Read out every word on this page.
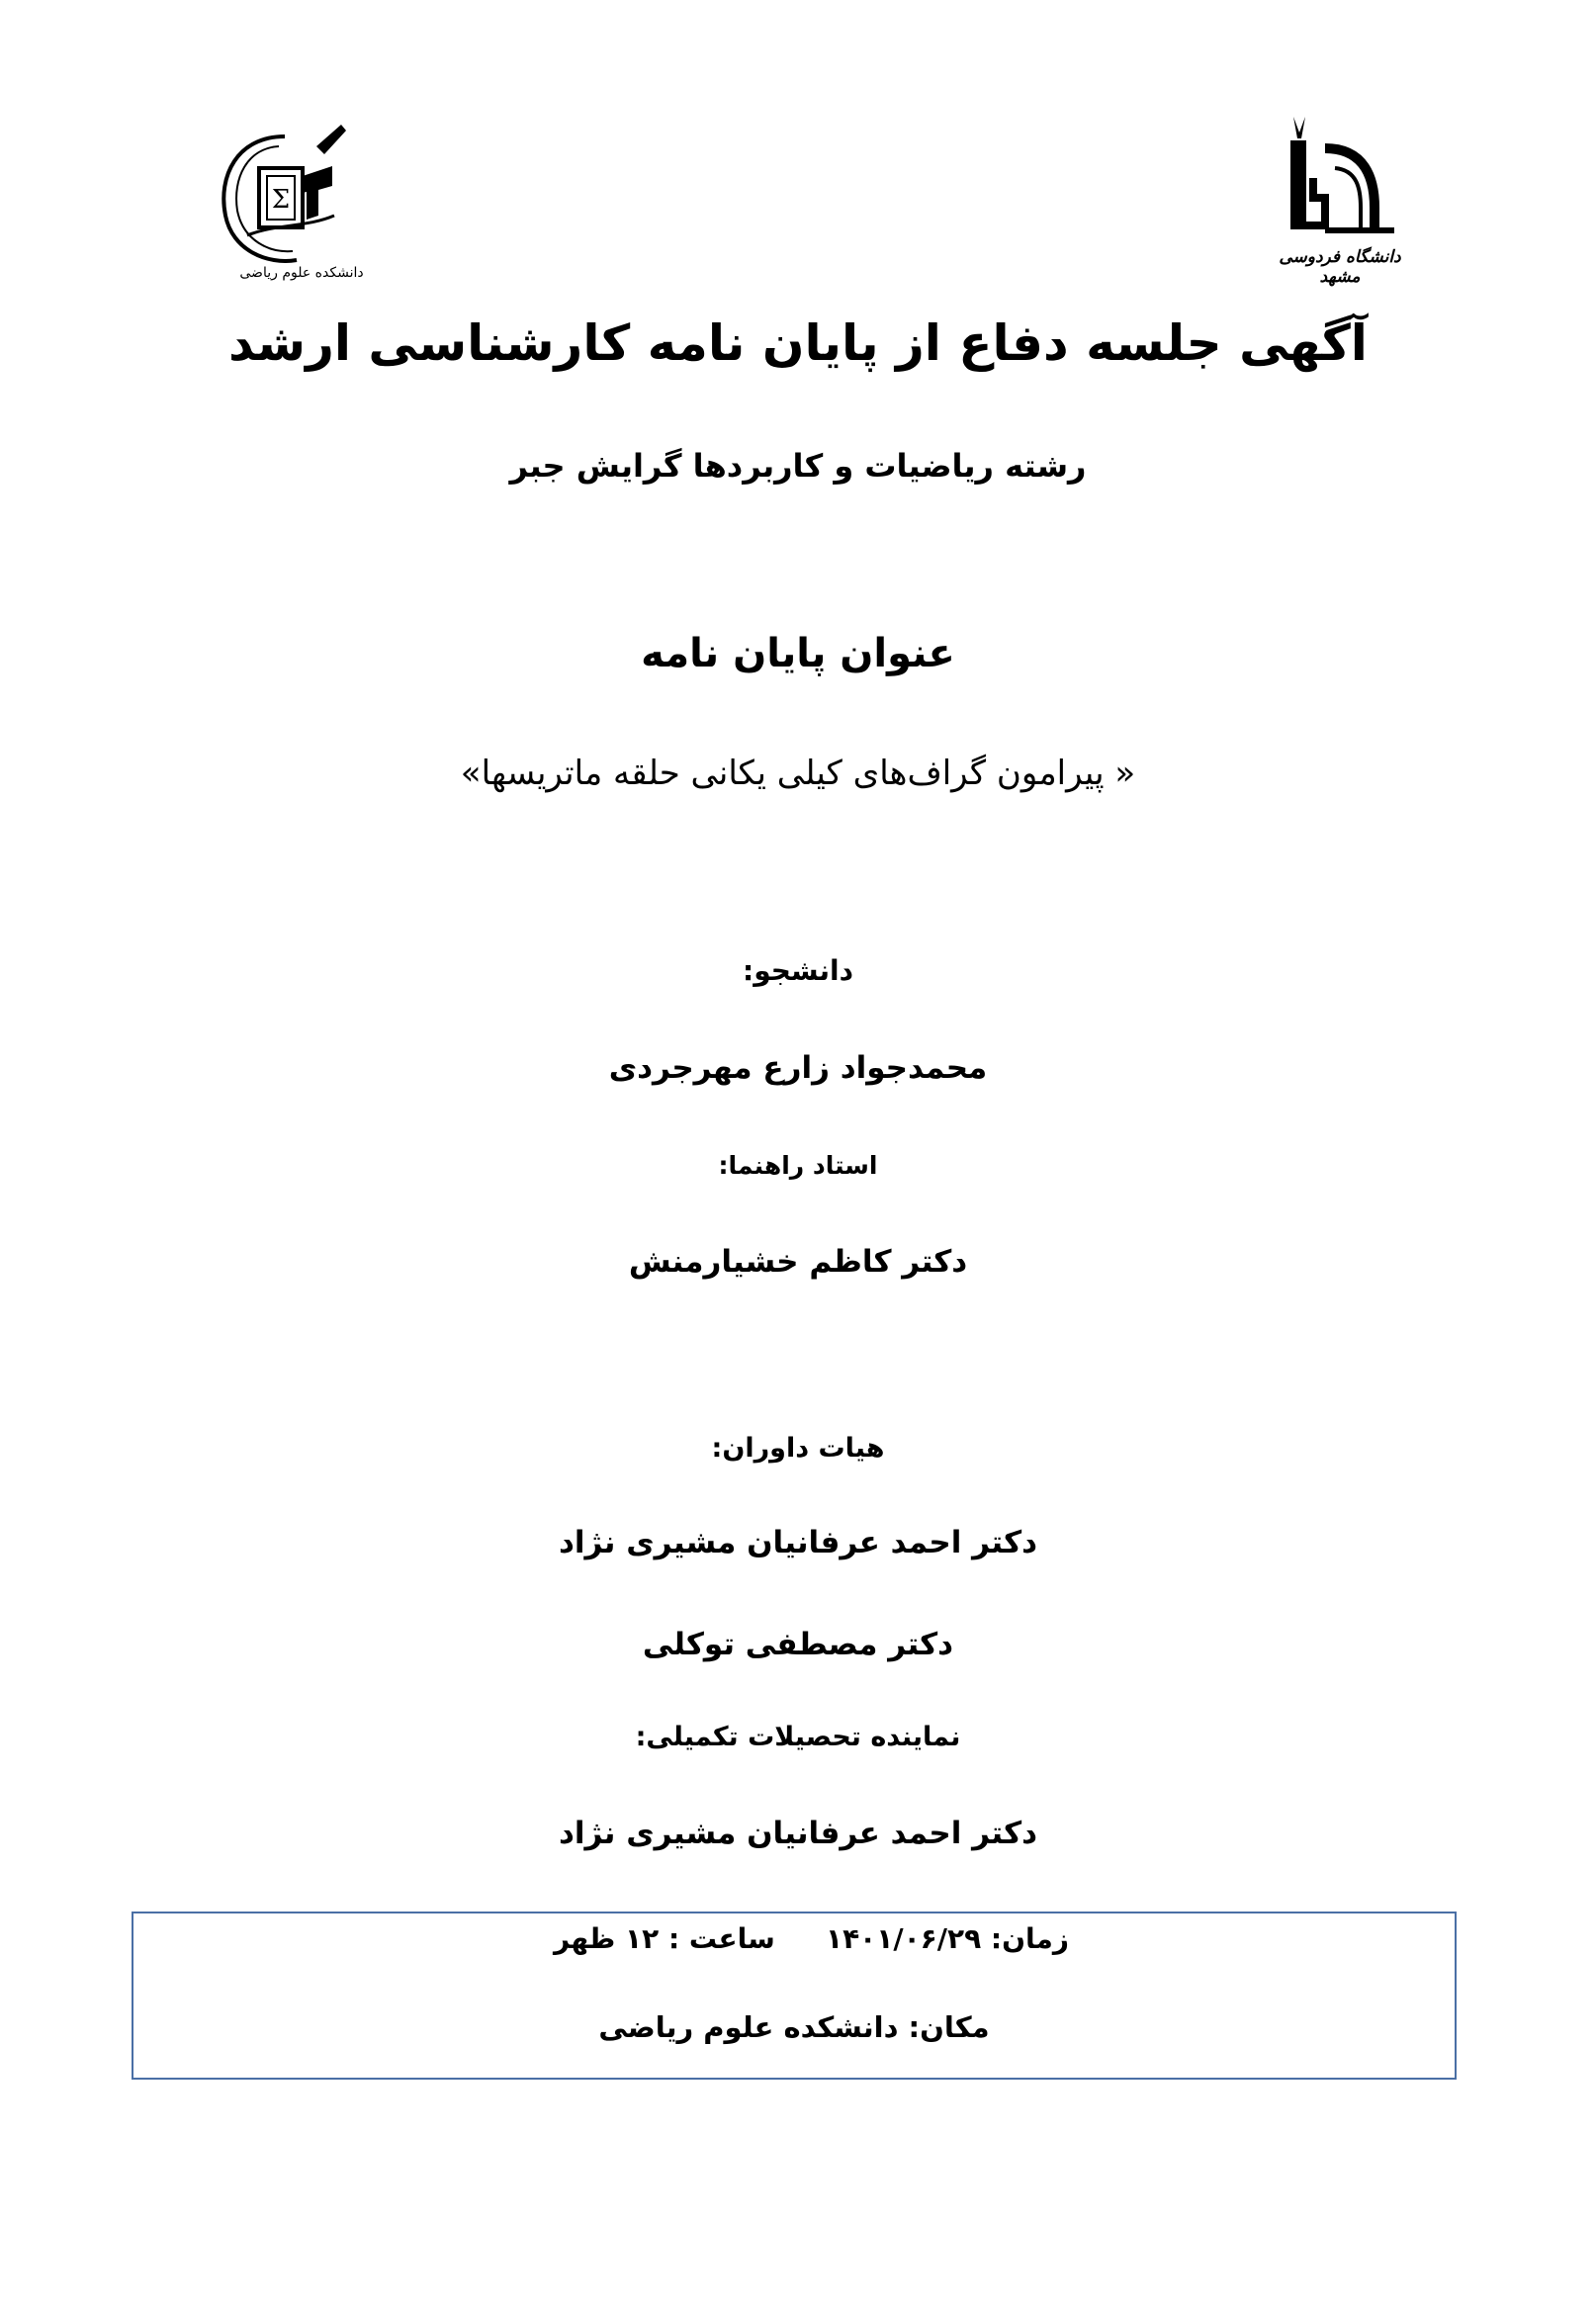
Σ
دانشکده علوم ریاضی
دانشگاه فردوسی مشهد
آگهی جلسه دفاع از پایان نامه کارشناسی ارشد
رشته ریاضیات و کاربردها گرایش جبر
عنوان پایان نامه
« پیرامون گراف‌های کیلی یکانی حلقه ماتریسها»
دانشجو:
محمدجواد زارع مهرجردی
استاد راهنما:
دکتر کاظم خشیارمنش
هیات داوران:
دکتر احمد عرفانیان مشیری نژاد
دکتر مصطفی توکلی
نماینده تحصیلات تکمیلی:
دکتر احمد عرفانیان مشیری نژاد
زمان:
۱۴۰۱/۰۶/۲۹
ساعت : ۱۲ ظهر
مکان: دانشکده علوم ریاضی
